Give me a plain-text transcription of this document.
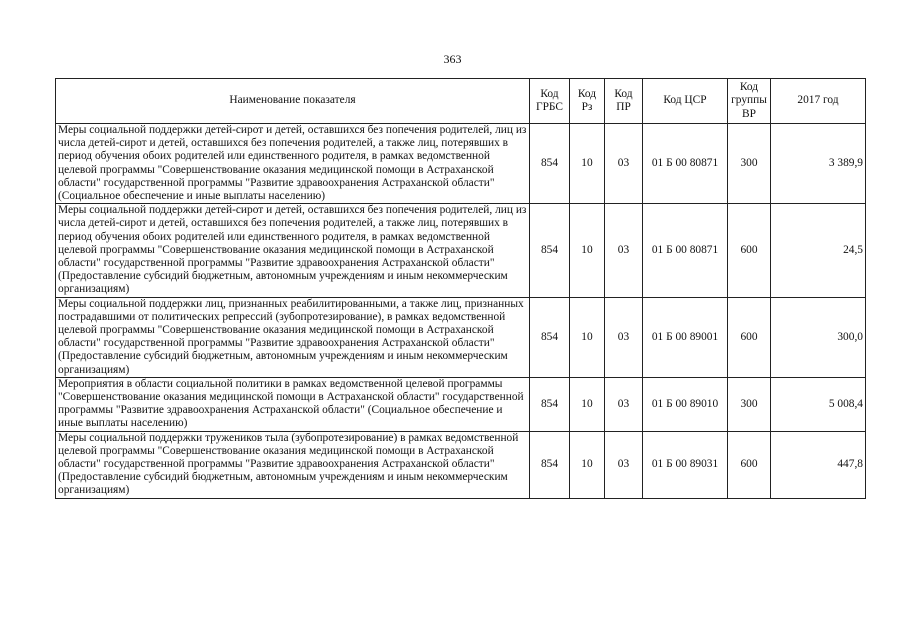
363
Наименование показателя	Код ГРБС	Код Рз	Код ПР	Код ЦСР	Код группы ВР	2017 год
Меры социальной поддержки детей-сирот и детей, оставшихся без попечения родителей, лиц из числа детей-сирот и детей, оставшихся без попечения родителей, а также лиц, потерявших в период обучения обоих родителей или единственного родителя, в рамках ведомственной целевой программы "Совершенствование оказания медицинской помощи в Астраханской области" государственной программы "Развитие здравоохранения Астраханской области" (Социальное обеспечение и иные выплаты населению)	854	10	03	01 Б 00 80871	300	3 389,9
Меры социальной поддержки детей-сирот и детей, оставшихся без попечения родителей, лиц из числа детей-сирот и детей, оставшихся без попечения родителей, а также лиц, потерявших в период обучения обоих родителей или единственного родителя, в рамках ведомственной целевой программы "Совершенствование оказания медицинской помощи в Астраханской области" государственной программы "Развитие здравоохранения Астраханской области" (Предоставление субсидий бюджетным, автономным учреждениям и иным некоммерческим организациям)	854	10	03	01 Б 00 80871	600	24,5
Меры социальной поддержки лиц, признанных реабилитированными, а также лиц, признанных пострадавшими от политических репрессий (зубопротезирование), в рамках ведомственной целевой программы "Совершенствование оказания медицинской помощи в Астраханской области" государственной программы "Развитие здравоохранения Астраханской области" (Предоставление субсидий бюджетным, автономным учреждениям и иным некоммерческим организациям)	854	10	03	01 Б 00 89001	600	300,0
Мероприятия в области социальной политики в рамках ведомственной целевой программы "Совершенствование оказания медицинской помощи в Астраханской области" государственной программы "Развитие здравоохранения Астраханской области" (Социальное обеспечение и иные выплаты населению)	854	10	03	01 Б 00 89010	300	5 008,4
Меры социальной поддержки тружеников тыла (зубопротезирование) в рамках ведомственной целевой программы "Совершенствование оказания медицинской помощи в Астраханской области" государственной программы "Развитие здравоохранения Астраханской области" (Предоставление субсидий бюджетным, автономным учреждениям и иным некоммерческим организациям)	854	10	03	01 Б 00 89031	600	447,8
